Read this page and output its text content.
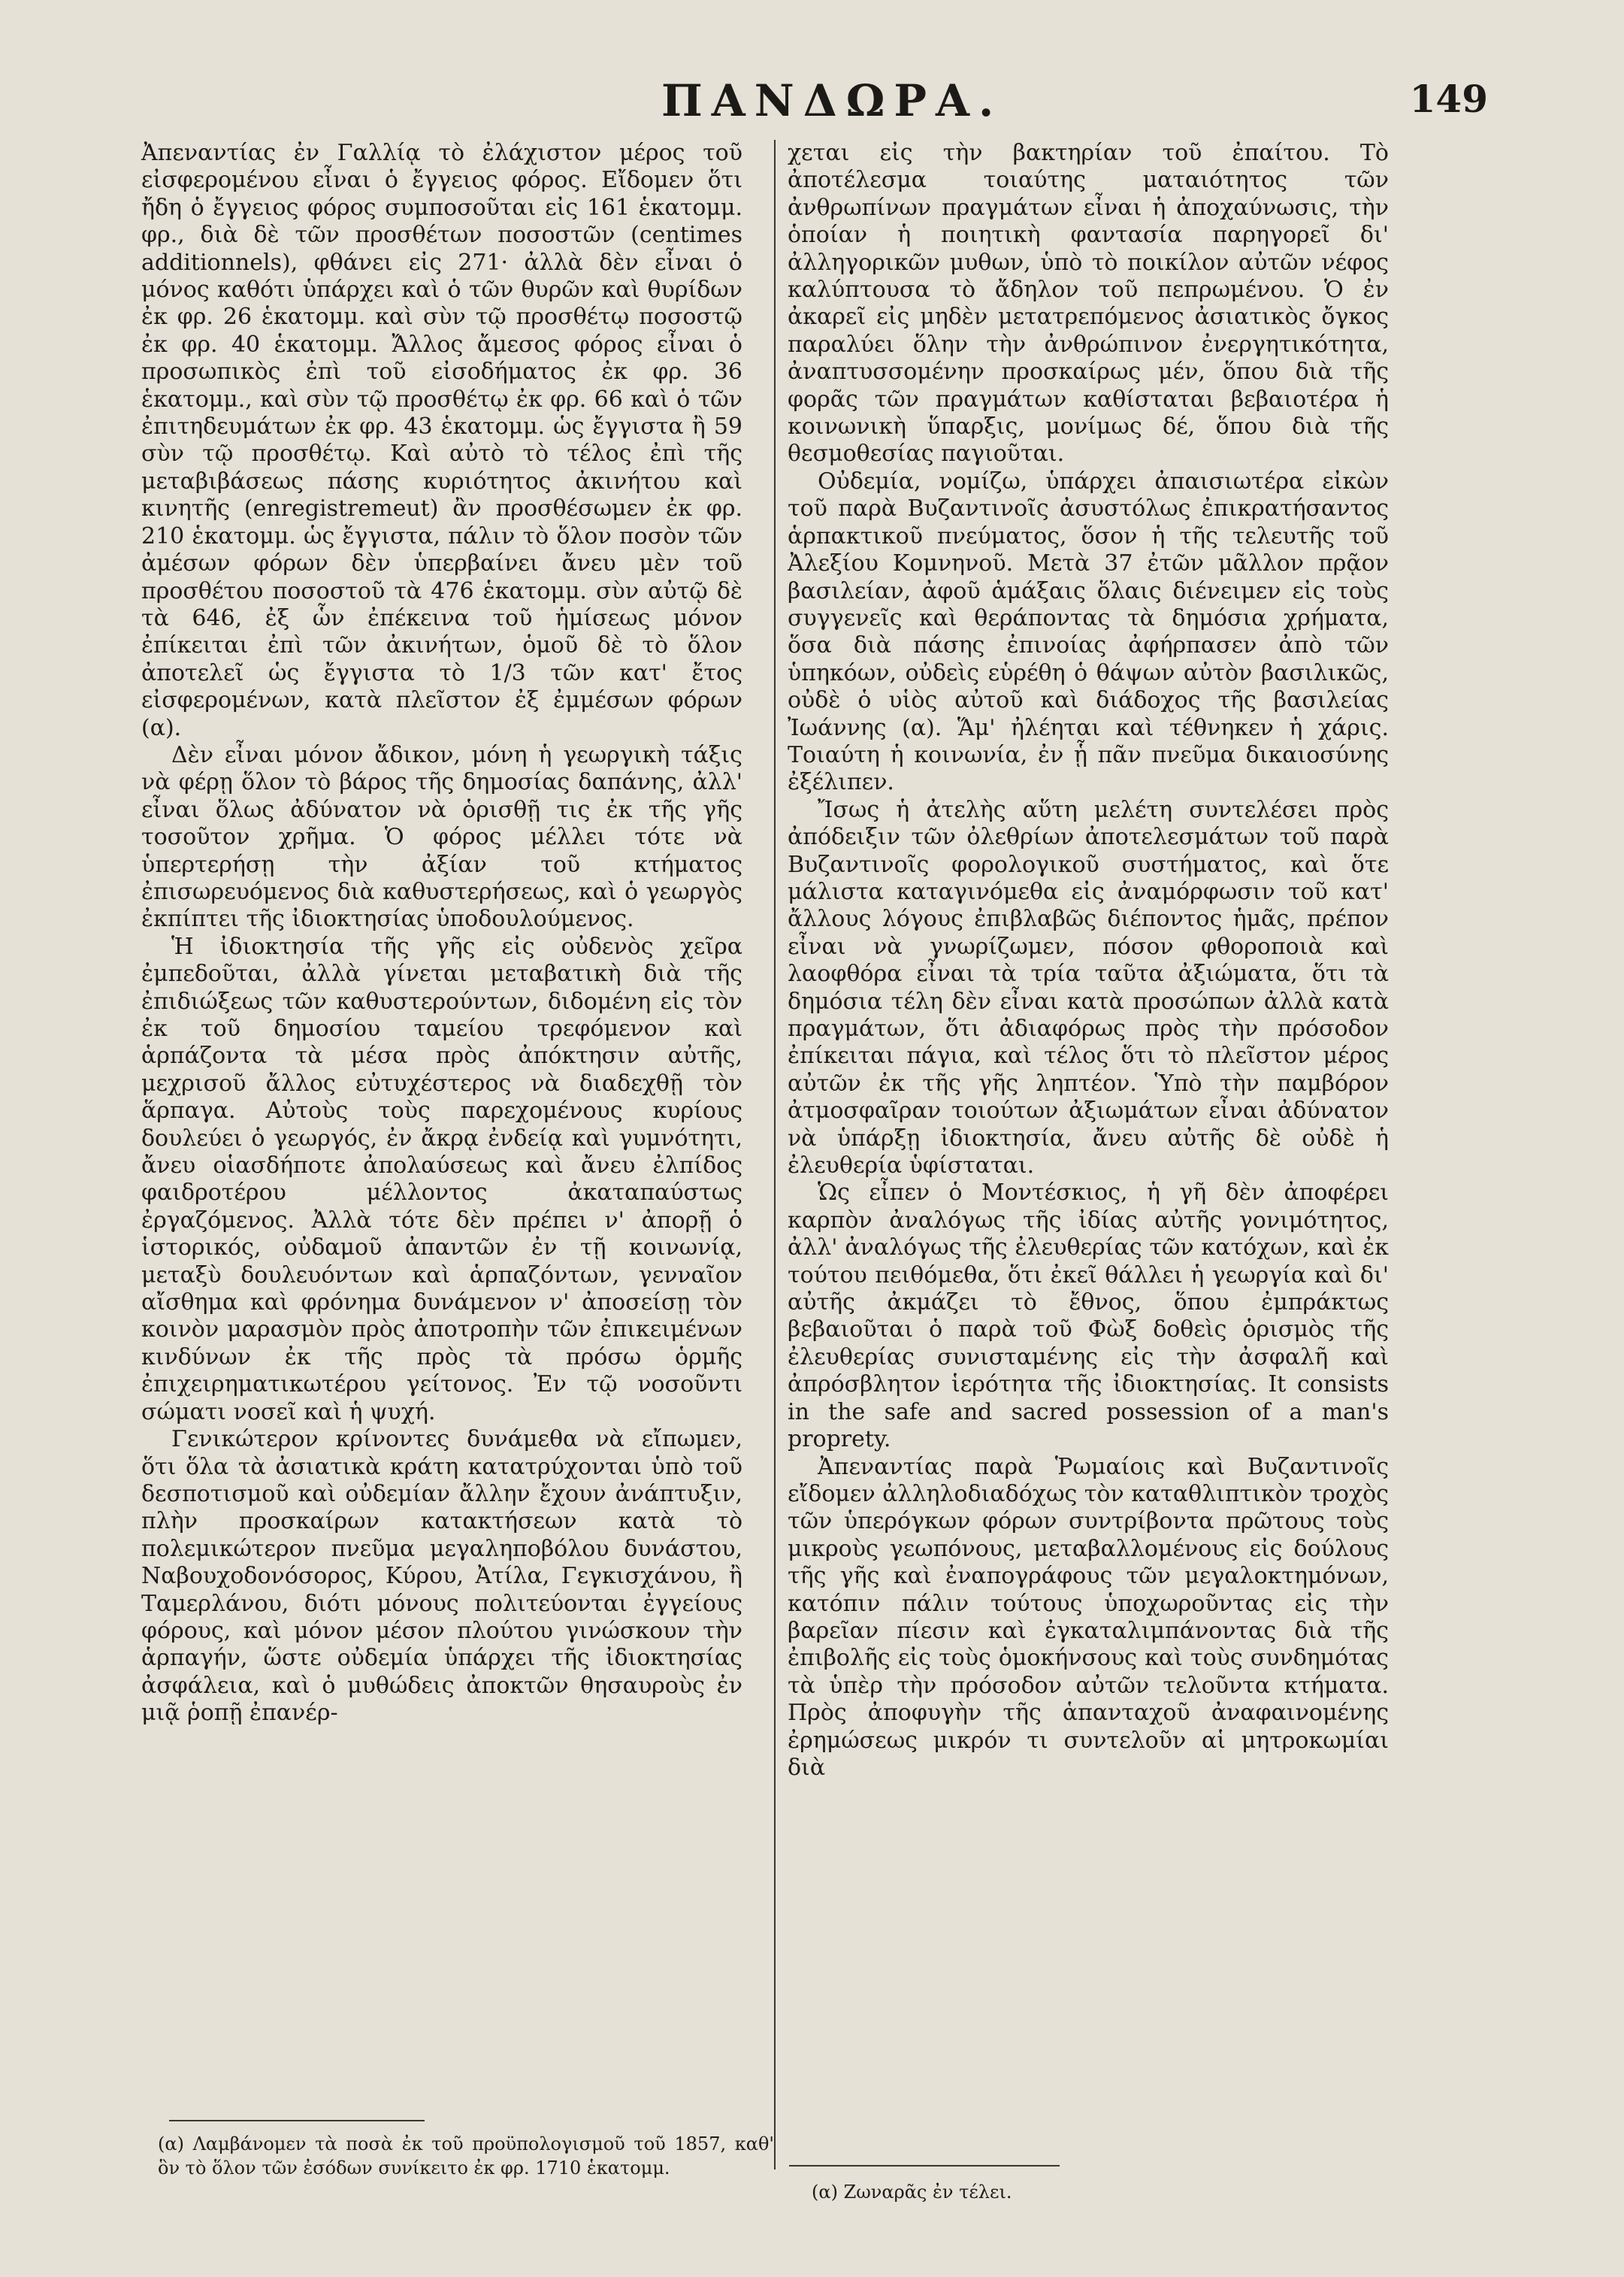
ΠΑΝΔΩΡΑ.	149

Ἀπεναντίας ἐν Γαλλίᾳ τὸ ἐλάχιστον μέρος τοῦ εἰσφερομένου εἶναι ὁ ἔγγειος φόρος. Εἴδομεν ὅτι ἤδη ὁ ἔγγειος φόρος συμποσοῦται εἰς 161 ἑκατομμ. φρ., διὰ δὲ τῶν προσθέτων ποσοστῶν (centimes additionnels), φθάνει εἰς 271· ἀλλὰ δὲν εἶναι ὁ μόνος καθότι ὑπάρχει καὶ ὁ τῶν θυρῶν καὶ θυρίδων ἐκ φρ. 26 ἑκατομμ. καὶ σὺν τῷ προσθέτῳ ποσοστῷ ἐκ φρ. 40 ἑκατομμ. Ἄλλος ἄμεσος φόρος εἶναι ὁ προσωπικὸς ἐπὶ τοῦ εἰσοδήματος ἐκ φρ. 36 ἑκατομμ., καὶ σὺν τῷ προσθέτῳ ἐκ φρ. 66 καὶ ὁ τῶν ἐπιτηδευμάτων ἐκ φρ. 43 ἑκατομμ. ὡς ἔγγιστα ἢ 59 σὺν τῷ προσθέτῳ. Καὶ αὐτὸ τὸ τέλος ἐπὶ τῆς μεταβιβάσεως πάσης κυριότητος ἀκινήτου καὶ κινητῆς (enregistremeut) ἂν προσθέσωμεν ἐκ φρ. 210 ἑκατομμ. ὡς ἔγγιστα, πάλιν τὸ ὅλον ποσὸν τῶν ἀμέσων φόρων δὲν ὑπερβαίνει ἄνευ μὲν τοῦ προσθέτου ποσοστοῦ τὰ 476 ἑκατομμ. σὺν αὐτῷ δὲ τὰ 646, ἐξ ὧν ἐπέκεινα τοῦ ἡμίσεως μόνον ἐπίκειται ἐπὶ τῶν ἀκινήτων, ὁμοῦ δὲ τὸ ὅλον ἀποτελεῖ ὡς ἔγγιστα τὸ 1/3 τῶν κατ' ἔτος εἰσφερομένων, κατὰ πλεῖστον ἐξ ἐμμέσων φόρων (α).

Δὲν εἶναι μόνον ἄδικον, μόνη ἡ γεωργικὴ τάξις νὰ φέρῃ ὅλον τὸ βάρος τῆς δημοσίας δαπάνης, ἀλλ' εἶναι ὅλως ἀδύνατον νὰ ὁρισθῇ τις ἐκ τῆς γῆς τοσοῦτον χρῆμα. Ὁ φόρος μέλλει τότε νὰ ὑπερτερήσῃ τὴν ἀξίαν τοῦ κτήματος ἐπισωρευόμενος διὰ καθυστερήσεως, καὶ ὁ γεωργὸς ἐκπίπτει τῆς ἰδιοκτησίας ὑποδουλούμενος.

Ἡ ἰδιοκτησία τῆς γῆς εἰς οὐδενὸς χεῖρα ἐμπεδοῦται, ἀλλὰ γίνεται μεταβατικὴ διὰ τῆς ἐπιδιώξεως τῶν καθυστερούντων, διδομένη εἰς τὸν ἐκ τοῦ δημοσίου ταμείου τρεφόμενον καὶ ἁρπάζοντα τὰ μέσα πρὸς ἀπόκτησιν αὐτῆς, μεχρισοῦ ἄλλος εὐτυχέστερος νὰ διαδεχθῇ τὸν ἅρπαγα. Αὐτοὺς τοὺς παρεχομένους κυρίους δουλεύει ὁ γεωργός, ἐν ἄκρᾳ ἐνδείᾳ καὶ γυμνότητι, ἄνευ οἱασδήποτε ἀπολαύσεως καὶ ἄνευ ἐλπίδος φαιδροτέρου μέλλοντος ἀκαταπαύστως ἐργαζόμενος. Ἀλλὰ τότε δὲν πρέπει ν' ἀπορῇ ὁ ἱστορικός, οὐδαμοῦ ἀπαντῶν ἐν τῇ κοινωνίᾳ, μεταξὺ δουλευόντων καὶ ἁρπαζόντων, γενναῖον αἴσθημα καὶ φρόνημα δυνάμενον ν' ἀποσείσῃ τὸν κοινὸν μαρασμὸν πρὸς ἀποτροπὴν τῶν ἐπικειμένων κινδύνων ἐκ τῆς πρὸς τὰ πρόσω ὁρμῆς ἐπιχειρηματικωτέρου γείτονος. Ἐν τῷ νοσοῦντι σώματι νοσεῖ καὶ ἡ ψυχή.

Γενικώτερον κρίνοντες δυνάμεθα νὰ εἴπωμεν, ὅτι ὅλα τὰ ἀσιατικὰ κράτη κατατρύχονται ὑπὸ τοῦ δεσποτισμοῦ καὶ οὐδεμίαν ἄλλην ἔχουν ἀνάπτυξιν, πλὴν προσκαίρων κατακτήσεων κατὰ τὸ πολεμικώτερον πνεῦμα μεγαληποβόλου δυνάστου, Ναβουχοδονόσορος, Κύρου, Ἀτίλα, Γεγκισχάνου, ἢ Ταμερλάνου, διότι μόνους πολιτεύονται ἐγγείους φόρους, καὶ μόνον μέσον πλούτου γινώσκουν τὴν ἁρπαγήν, ὥστε οὐδεμία ὑπάρχει τῆς ἰδιοκτησίας ἀσφάλεια, καὶ ὁ μυθώδεις ἀποκτῶν θησαυροὺς ἐν μιᾷ ῥοπῇ ἐπανέρ-

χεται εἰς τὴν βακτηρίαν τοῦ ἐπαίτου. Τὸ ἀποτέλεσμα τοιαύτης ματαιότητος τῶν ἀνθρωπίνων πραγμάτων εἶναι ἡ ἀποχαύνωσις, τὴν ὁποίαν ἡ ποιητικὴ φαντασία παρηγορεῖ δι' ἀλληγορικῶν μυθων, ὑπὸ τὸ ποικίλον αὐτῶν νέφος καλύπτουσα τὸ ἄδηλον τοῦ πεπρωμένου. Ὁ ἐν ἀκαρεῖ εἰς μηδὲν μετατρεπόμενος ἀσιατικὸς ὄγκος παραλύει ὅλην τὴν ἀνθρώπινον ἐνεργητικότητα, ἀναπτυσσομένην προσκαίρως μέν, ὅπου διὰ τῆς φορᾶς τῶν πραγμάτων καθίσταται βεβαιοτέρα ἡ κοινωνικὴ ὕπαρξις, μονίμως δέ, ὅπου διὰ τῆς θεσμοθεσίας παγιοῦται.

Οὐδεμία, νομίζω, ὑπάρχει ἀπαισιωτέρα εἰκὼν τοῦ παρὰ Βυζαντινοῖς ἀσυστόλως ἐπικρατήσαντος ἁρπακτικοῦ πνεύματος, ὅσον ἡ τῆς τελευτῆς τοῦ Ἀλεξίου Κομνηνοῦ. Μετὰ 37 ἐτῶν μᾶλλον πρᾷον βασιλείαν, ἀφοῦ ἁμάξαις ὅλαις διένειμεν εἰς τοὺς συγγενεῖς καὶ θεράποντας τὰ δημόσια χρήματα, ὅσα διὰ πάσης ἐπινοίας ἀφήρπασεν ἀπὸ τῶν ὑπηκόων, οὐδεὶς εὑρέθη ὁ θάψων αὐτὸν βασιλικῶς, οὐδὲ ὁ υἱὸς αὐτοῦ καὶ διάδοχος τῆς βασιλείας Ἰωάννης (α). Ἅμ' ἠλέηται καὶ τέθνηκεν ἡ χάρις. Τοιαύτη ἡ κοινωνία, ἐν ᾗ πᾶν πνεῦμα δικαιοσύνης ἐξέλιπεν.

Ἴσως ἡ ἀτελὴς αὕτη μελέτη συντελέσει πρὸς ἀπόδειξιν τῶν ὀλεθρίων ἀποτελεσμάτων τοῦ παρὰ Βυζαντινοῖς φορολογικοῦ συστήματος, καὶ ὅτε μάλιστα καταγινόμεθα εἰς ἀναμόρφωσιν τοῦ κατ' ἄλλους λόγους ἐπιβλαβῶς διέποντος ἡμᾶς, πρέπον εἶναι νὰ γνωρίζωμεν, πόσον φθοροποιὰ καὶ λαοφθόρα εἶναι τὰ τρία ταῦτα ἀξιώματα, ὅτι τὰ δημόσια τέλη δὲν εἶναι κατὰ προσώπων ἀλλὰ κατὰ πραγμάτων, ὅτι ἀδιαφόρως πρὸς τὴν πρόσοδον ἐπίκειται πάγια, καὶ τέλος ὅτι τὸ πλεῖστον μέρος αὐτῶν ἐκ τῆς γῆς ληπτέον. Ὑπὸ τὴν παμβόρον ἀτμοσφαῖραν τοιούτων ἀξιωμάτων εἶναι ἀδύνατον νὰ ὑπάρξῃ ἰδιοκτησία, ἄνευ αὐτῆς δὲ οὐδὲ ἡ ἐλευθερία ὑφίσταται.

Ὡς εἶπεν ὁ Μοντέσκιος, ἡ γῆ δὲν ἀποφέρει καρπὸν ἀναλόγως τῆς ἰδίας αὐτῆς γονιμότητος, ἀλλ' ἀναλόγως τῆς ἐλευθερίας τῶν κατόχων, καὶ ἐκ τούτου πειθόμεθα, ὅτι ἐκεῖ θάλλει ἡ γεωργία καὶ δι' αὐτῆς ἀκμάζει τὸ ἔθνος, ὅπου ἐμπράκτως βεβαιοῦται ὁ παρὰ τοῦ Φὼξ δοθεὶς ὁρισμὸς τῆς ἐλευθερίας συνισταμένης εἰς τὴν ἀσφαλῆ καὶ ἀπρόσβλητον ἱερότητα τῆς ἰδιοκτησίας. It consists in the safe and sacred possession of a man's proprety.

Ἀπεναντίας παρὰ Ῥωμαίοις καὶ Βυζαντινοῖς εἴδομεν ἀλληλοδιαδόχως τὸν καταθλιπτικὸν τροχὸς τῶν ὑπερόγκων φόρων συντρίβοντα πρῶτους τοὺς μικροὺς γεωπόνους, μεταβαλλομένους εἰς δούλους τῆς γῆς καὶ ἐναπογράφους τῶν μεγαλοκτημόνων, κατόπιν πάλιν τούτους ὑποχωροῦντας εἰς τὴν βαρεῖαν πίεσιν καὶ ἐγκαταλιμπάνοντας διὰ τῆς ἐπιβολῆς εἰς τοὺς ὁμοκήνσους καὶ τοὺς συνδημότας τὰ ὑπὲρ τὴν πρόσοδον αὐτῶν τελοῦντα κτήματα. Πρὸς ἀποφυγὴν τῆς ἁπανταχοῦ ἀναφαινομένης ἐρημώσεως μικρόν τι συντελοῦν αἱ μητροκωμίαι διὰ

(α) Λαμβάνομεν τὰ ποσὰ ἐκ τοῦ προϋπολογισμοῦ τοῦ 1857, καθ' ὃν τὸ ὅλον τῶν ἐσόδων συνίκειτο ἐκ φρ. 1710 ἑκατομμ.
(α) Ζωναρᾶς ἐν τέλει.
